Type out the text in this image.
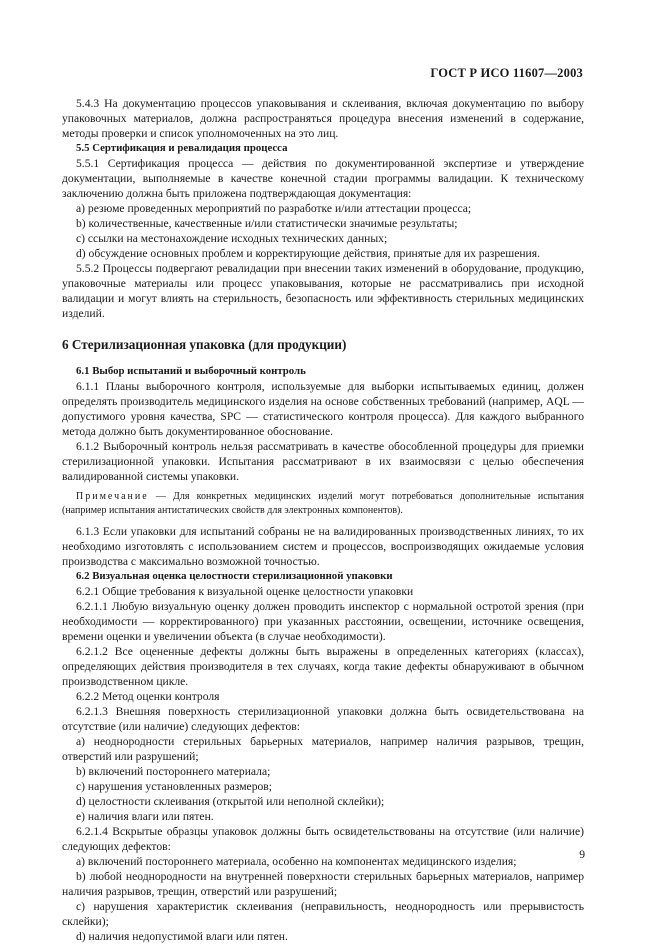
ГОСТ Р ИСО 11607—2003

5.4.3 На документацию процессов упаковывания и склеивания, включая документацию по выбору упаковочных материалов, должна распространяться процедура внесения изменений в содержание, методы проверки и список уполномоченных на это лиц.

5.5 Сертификация и ревалидация процесса

5.5.1 Сертификация процесса — действия по документированной экспертизе и утверждение документации, выполняемые в качестве конечной стадии программы валидации. К техническому заключению должна быть приложена подтверждающая документация:

а) резюме проведенных мероприятий по разработке и/или аттестации процесса;

b) количественные, качественные и/или статистически значимые результаты;

с) ссылки на местонахождение исходных технических данных;

d) обсуждение основных проблем и корректирующие действия, принятые для их разрешения.

5.5.2 Процессы подвергают ревалидации при внесении таких изменений в оборудование, продукцию, упаковочные материалы или процесс упаковывания, которые не рассматривались при исходной валидации и могут влиять на стерильность, безопасность или эффективность стерильных медицинских изделий.

6 Стерилизационная упаковка (для продукции)

6.1 Выбор испытаний и выборочный контроль

6.1.1 Планы выборочного контроля, используемые для выборки испытываемых единиц, должен определять производитель медицинского изделия на основе собственных требований (например, AQL — допустимого уровня качества, SPC — статистического контроля процесса). Для каждого выбранного метода должно быть документированное обоснование.

6.1.2 Выборочный контроль нельзя рассматривать в качестве обособленной процедуры для приемки стерилизационной упаковки. Испытания рассматривают в их взаимосвязи с целью обеспечения валидированной системы упаковки.

Примечание — Для конкретных медицинских изделий могут потребоваться дополнительные испытания (например испытания антистатических свойств для электронных компонентов).

6.1.3 Если упаковки для испытаний собраны не на валидированных производственных линиях, то их необходимо изготовлять с использованием систем и процессов, воспроизводящих ожидаемые условия производства с максимально возможной точностью.

6.2 Визуальная оценка целостности стерилизационной упаковки

6.2.1 Общие требования к визуальной оценке целостности упаковки

6.2.1.1 Любую визуальную оценку должен проводить инспектор с нормальной остротой зрения (при необходимости — корректированного) при указанных расстоянии, освещении, источнике освещения, времени оценки и увеличении объекта (в случае необходимости).

6.2.1.2 Все оцененные дефекты должны быть выражены в определенных категориях (классах), определяющих действия производителя в тех случаях, когда такие дефекты обнаруживают в обычном производственном цикле.

6.2.2 Метод оценки контроля

6.2.1.3 Внешняя поверхность стерилизационной упаковки должна быть освидетельствована на отсутствие (или наличие) следующих дефектов:

а) неоднородности стерильных барьерных материалов, например наличия разрывов, трещин, отверстий или разрушений;

b) включений постороннего материала;

с) нарушения установленных размеров;

d) целостности склеивания (открытой или неполной склейки);

е) наличия влаги или пятен.

6.2.1.4 Вскрытые образцы упаковок должны быть освидетельствованы на отсутствие (или наличие) следующих дефектов:

а) включений постороннего материала, особенно на компонентах медицинского изделия;

b) любой неоднородности на внутренней поверхности стерильных барьерных материалов, например наличия разрывов, трещин, отверстий или разрушений;

с) нарушения характеристик склеивания (неправильность, неоднородность или прерывистость склейки);

d) наличия недопустимой влаги или пятен.

9
